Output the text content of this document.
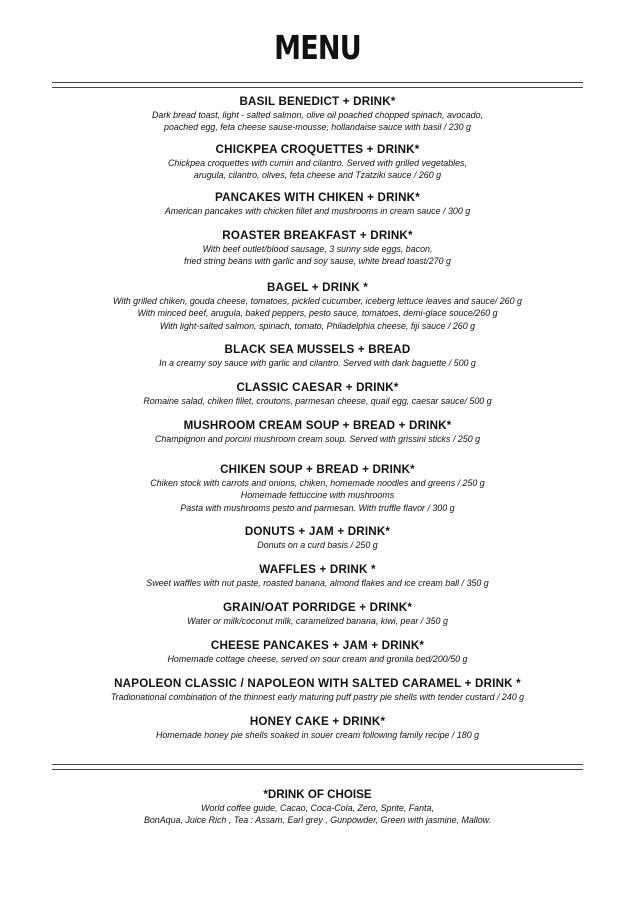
MENU
BASIL BENEDICT + DRINK*
Dark bread toast, light - salted salmon, olive oil poached chopped spinach, avocado,
poached egg, feta cheese sause-mousse, hollandaise sauce with basil / 230 g
CHICKPEA CROQUETTES + DRINK*
Chickpea croquettes with cumin and cilantro. Served with grilled vegetables,
arugula, cilantro, olives, feta cheese and Tzatziki sauce / 260 g
PANCAKES WITH CHIKEN + DRINK*
American pancakes with chicken fillet and mushrooms in cream sauce / 300 g
ROASTER BREAKFAST + DRINK*
With beef outlet/blood sausage, 3 sunny side eggs, bacon,
fried string beans with garlic and soy sause, white bread toast/270 g
BAGEL + DRINK *
With grilled chiken, gouda cheese, tomatoes, pickled cucumber, iceberg lettuce leaves and sauce/ 260 g
With minced beef, arugula, baked peppers, pesto sauce, tomatoes, demi-glace souce/260 g
With light-salted salmon, spinach, tomato, Philadelphia cheese, fiji sauce / 260 g
BLACK SEA MUSSELS + BREAD
In a creamy soy sauce with garlic and cilantro. Served with dark baguette / 500 g
CLASSIC CAESAR + DRINK*
Romaine salad, chiken fillet, croutons, parmesan cheese, quail egg, caesar sauce/ 500 g
MUSHROOM CREAM SOUP + BREAD + DRINK*
Champignon and porcini mushroom cream soup. Served with grissini sticks / 250 g
CHIKEN SOUP + BREAD + DRINK*
Chiken stock with carrots and onions, chiken, homemade noodles and greens / 250 g
Homemade fettuccine with mushrooms
Pasta with mushrooms pesto and parmesan. With truffle flavor / 300 g
DONUTS + JAM + DRINK*
Donuts on a curd basis / 250 g
WAFFLES + DRINK *
Sweet waffles with nut paste, roasted banana, almond flakes and ice cream ball / 350 g
GRAIN/OAT PORRIDGE + DRINK*
Water or milk/coconut milk, caramelized banana, kiwi, pear / 350 g
CHEESE PANCAKES + JAM + DRINK*
Homemade cottage cheese, served on sour cream and gronila bed/200/50 g
NAPOLEON CLASSIC / NAPOLEON WITH SALTED CARAMEL + DRINK *
Tradionational combination of the thinnest early maturing puff pastry pie shells with tender custard / 240 g
HONEY CAKE + DRINK*
Homemade honey pie shells soaked in souer cream following family recipe / 180 g
*DRINK OF CHOISE
World coffee guide, Cacao, Coca-Cola, Zero, Sprite, Fanta,
BonAqua, Juice Rich , Tea : Assam, Earl grey , Gunpowder, Green with jasmine, Mallow.
